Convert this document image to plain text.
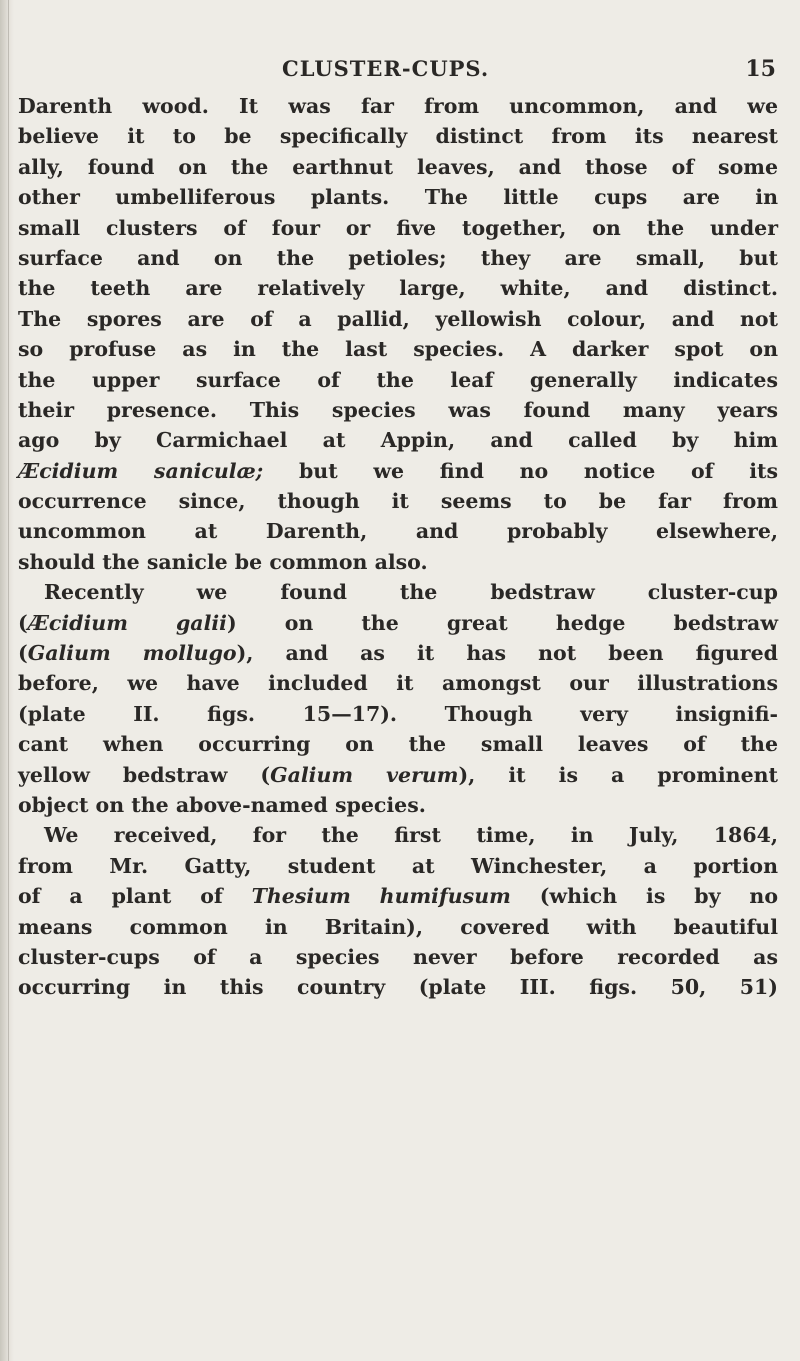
CLUSTER-CUPS.	15
Darenth wood. It was far from uncommon, and we
believe it to be specifically distinct from its nearest
ally, found on the earthnut leaves, and those of some
other umbelliferous plants. The little cups are in
small clusters of four or five together, on the under
surface and on the petioles; they are small, but
the teeth are relatively large, white, and distinct.
The spores are of a pallid, yellowish colour, and not
so profuse as in the last species. A darker spot on
the upper surface of the leaf generally indicates
their presence. This species was found many years
ago by Carmichael at Appin, and called by him
Æcidium saniculæ; but we find no notice of its
occurrence since, though it seems to be far from
uncommon at Darenth, and probably elsewhere,
should the sanicle be common also.
Recently we found the bedstraw cluster-cup
(Æcidium galii) on the great hedge bedstraw
(Galium mollugo), and as it has not been figured
before, we have included it amongst our illustrations
(plate II. figs. 15—17). Though very insignifi-
cant when occurring on the small leaves of the
yellow bedstraw (Galium verum), it is a prominent
object on the above-named species.
We received, for the first time, in July, 1864,
from Mr. Gatty, student at Winchester, a portion
of a plant of Thesium humifusum (which is by no
means common in Britain), covered with beautiful
cluster-cups of a species never before recorded as
occurring in this country (plate III. figs. 50, 51)
